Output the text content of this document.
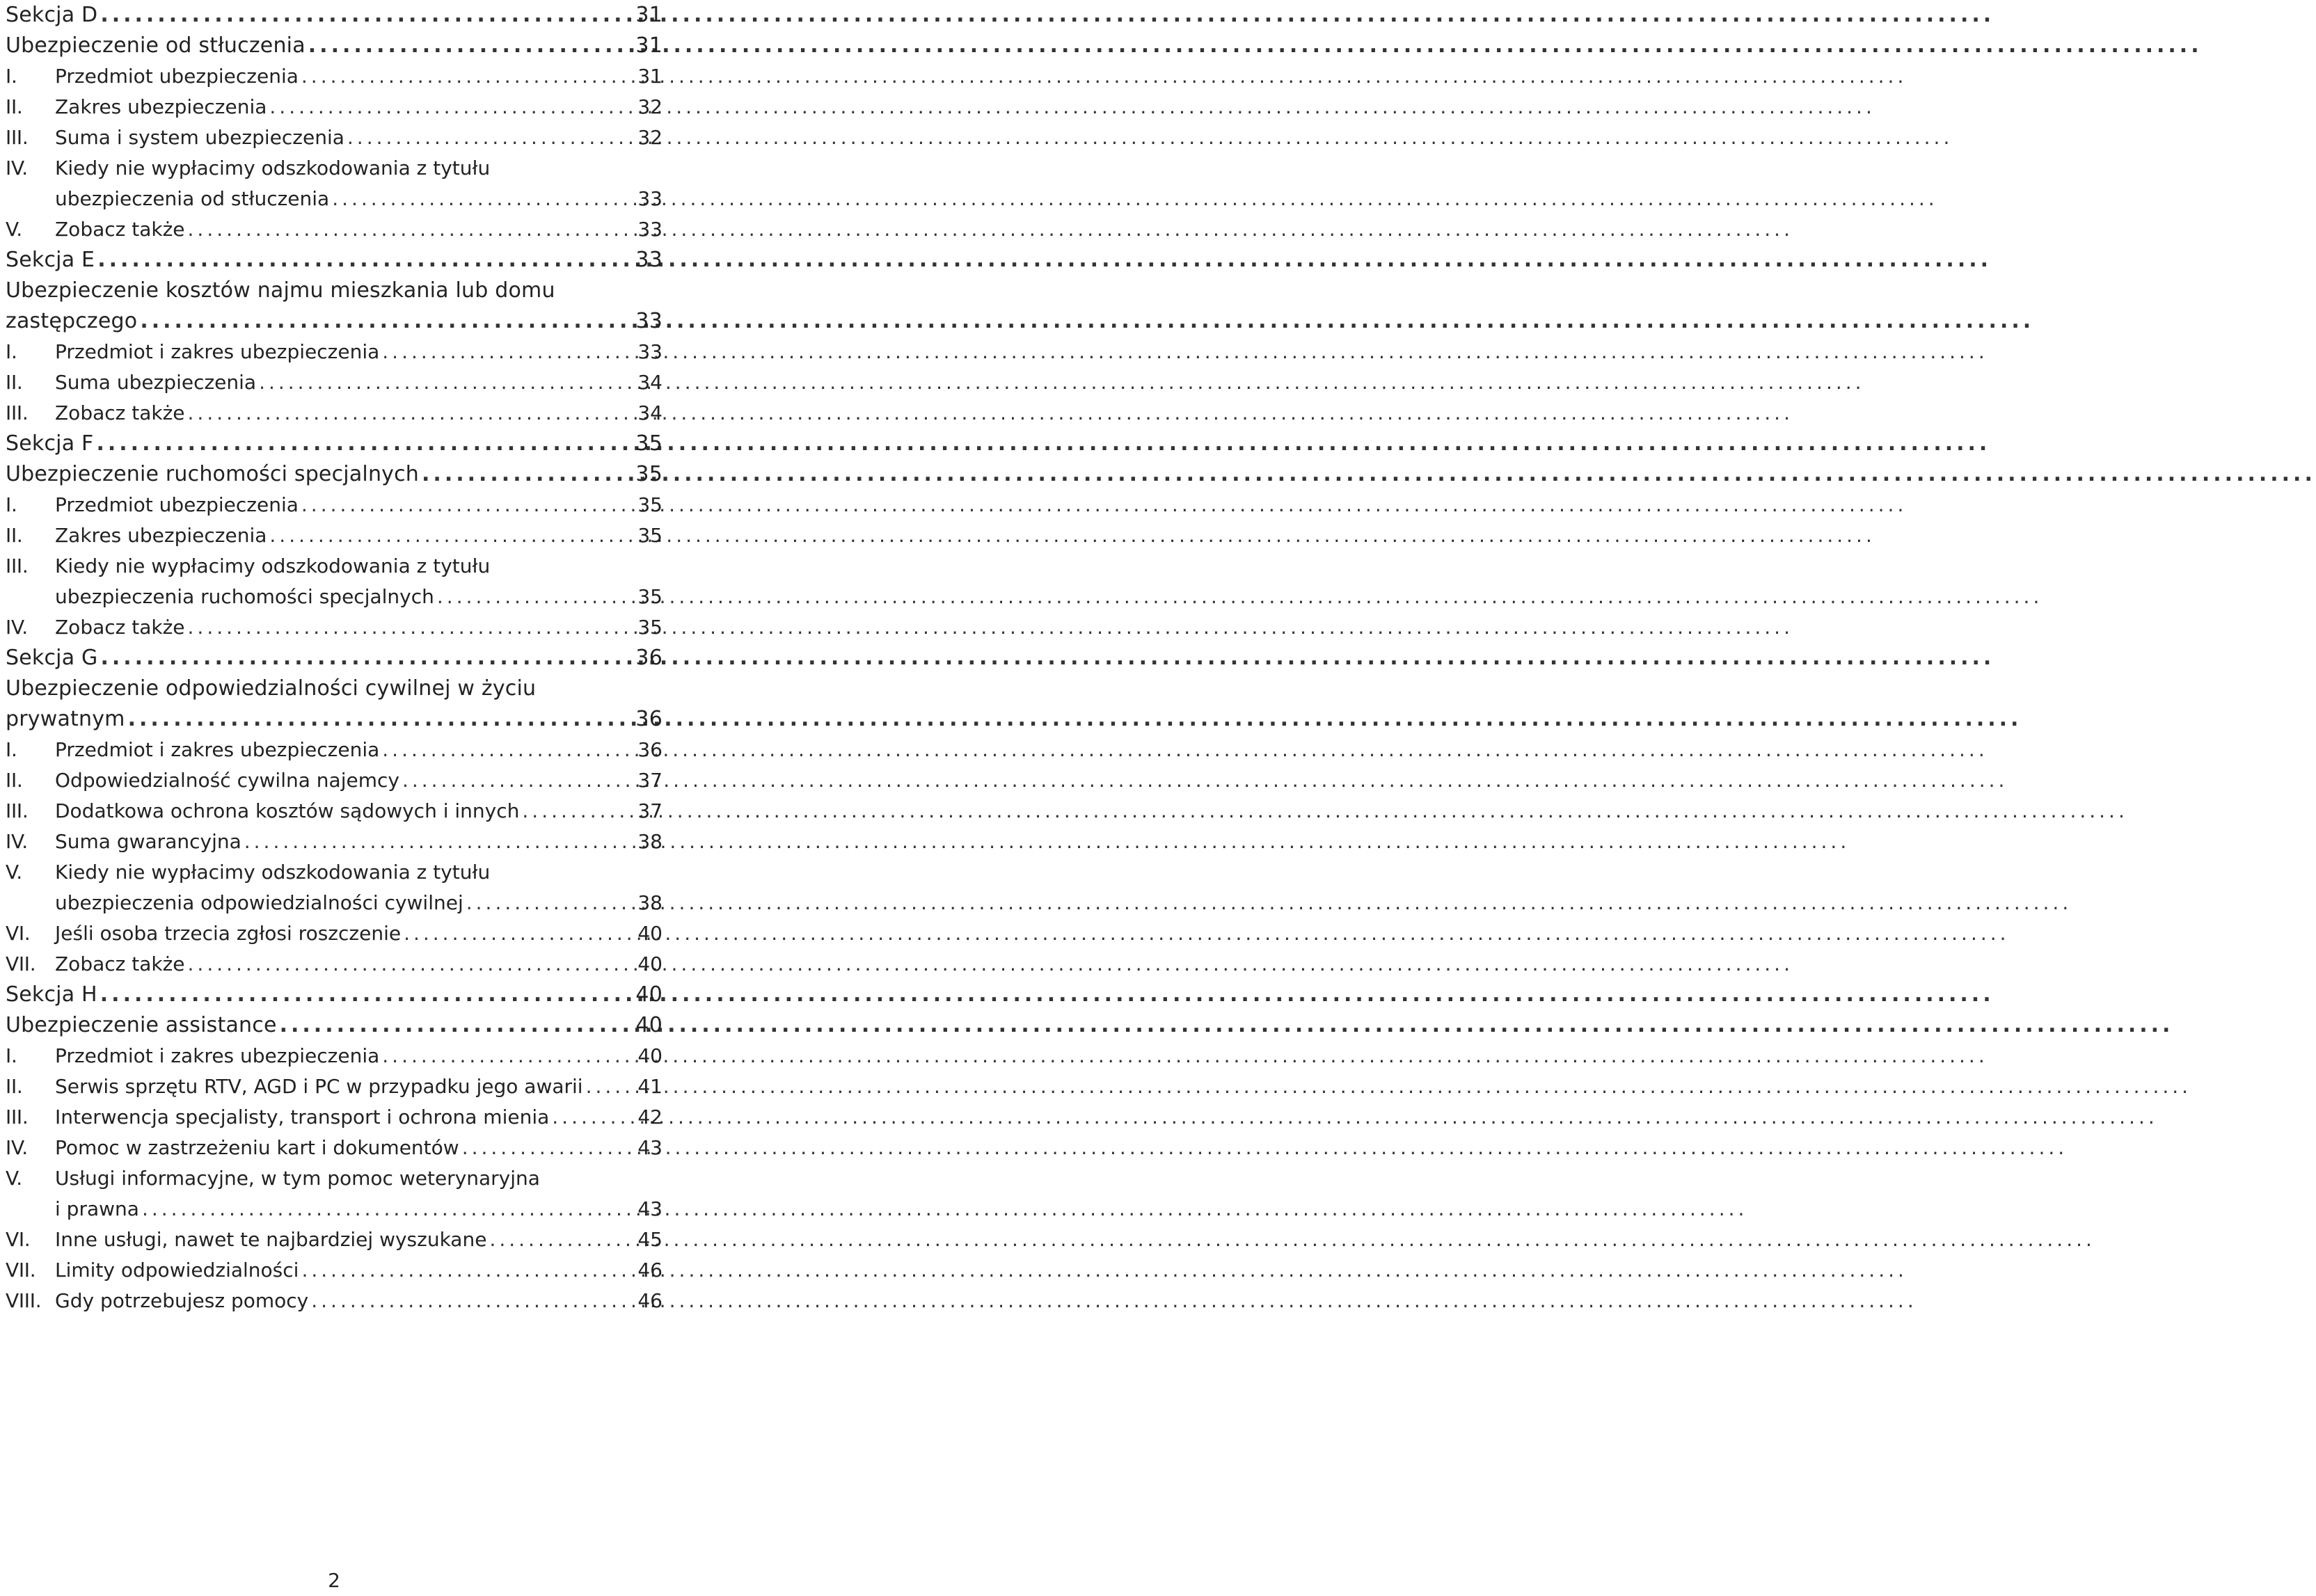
Sekcja D .....	31
Ubezpieczenie od stłuczenia .....	31
I.	Przedmiot ubezpieczenia .....	31
II.	Zakres ubezpieczenia .....	32
III.	Suma i system ubezpieczenia .....	32
IV.	Kiedy nie wypłacimy odszkodowania z tytułu
ubezpieczenia od stłuczenia .....	33
V.	Zobacz także .....	33
Sekcja E .....	33
Ubezpieczenie kosztów najmu mieszkania lub domu
zastępczego .....	33
I.	Przedmiot i zakres ubezpieczenia .....	33
II.	Suma ubezpieczenia .....	34
III.	Zobacz także .....	34
Sekcja F .....	35
Ubezpieczenie ruchomości specjalnych .....	35
I.	Przedmiot ubezpieczenia .....	35
II.	Zakres ubezpieczenia .....	35
III.	Kiedy nie wypłacimy odszkodowania z tytułu
ubezpieczenia ruchomości specjalnych .....	35
IV.	Zobacz także .....	35
Sekcja G .....	36
Ubezpieczenie odpowiedzialności cywilnej w życiu
prywatnym .....	36
I.	Przedmiot i zakres ubezpieczenia .....	36
II.	Odpowiedzialność cywilna najemcy .....	37
III.	Dodatkowa ochrona kosztów sądowych i innych .....	37
IV.	Suma gwarancyjna .....	38
V.	Kiedy nie wypłacimy odszkodowania z tytułu
ubezpieczenia odpowiedzialności cywilnej .....	38
VI.	Jeśli osoba trzecia zgłosi roszczenie .....	40
VII. Zobacz także .....	40
Sekcja H .....	40
Ubezpieczenie assistance .....	40
I.	Przedmiot i zakres ubezpieczenia .....	40
II.	Serwis sprzętu RTV, AGD i PC w przypadku jego awarii .....	41
III.	Interwencja specjalisty, transport i ochrona mienia .....	42
IV.	Pomoc w zastrzeżeniu kart i dokumentów .....	43
V.	Usługi informacyjne, w tym pomoc weterynaryjna
i prawna .....	43
VI.	Inne usługi, nawet te najbardziej wyszukane .....	45
VII. Limity odpowiedzialności .....	46
VIII. Gdy potrzebujesz pomocy .....	46
2
